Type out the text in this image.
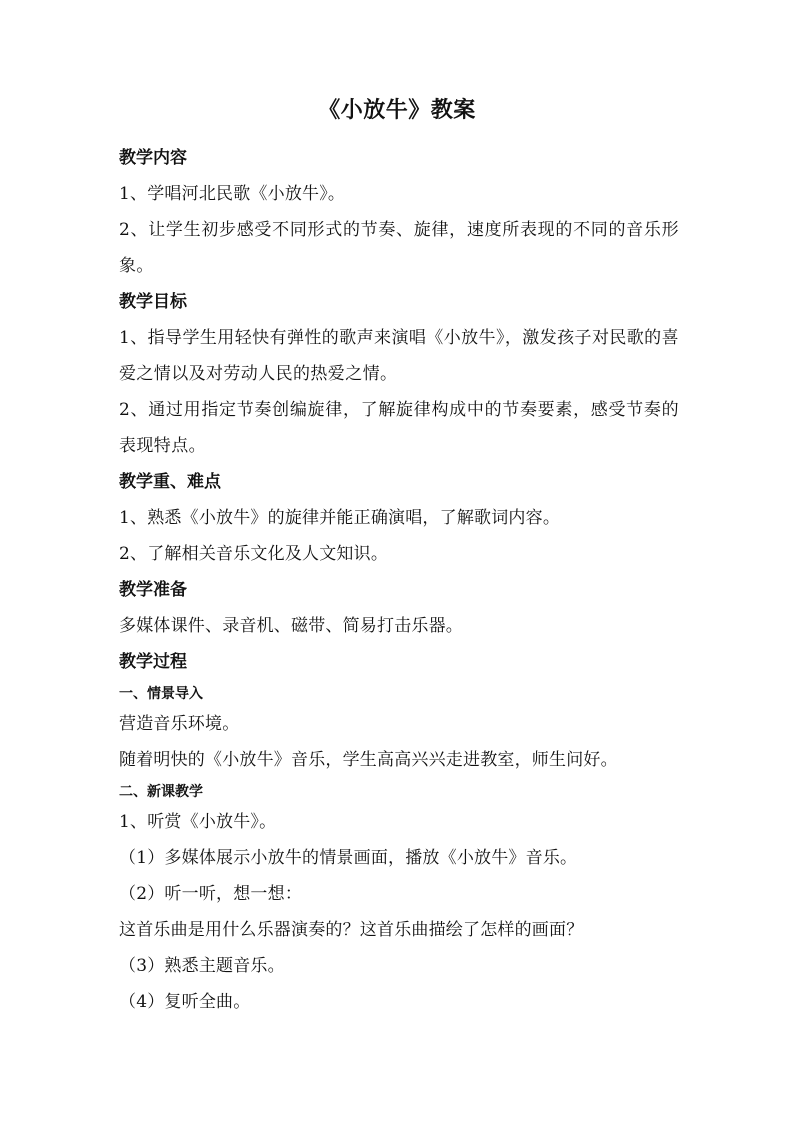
《小放牛》教案
教学内容
1、学唱河北民歌《小放牛》。
2、让学生初步感受不同形式的节奏、旋律，速度所表现的不同的音乐形象。
教学目标
1、指导学生用轻快有弹性的歌声来演唱《小放牛》，激发孩子对民歌的喜爱之情以及对劳动人民的热爱之情。
2、通过用指定节奏创编旋律，了解旋律构成中的节奏要素，感受节奏的表现特点。
教学重、难点
1、熟悉《小放牛》的旋律并能正确演唱，了解歌词内容。
2、了解相关音乐文化及人文知识。
教学准备
多媒体课件、录音机、磁带、简易打击乐器。
教学过程
一、情景导入
营造音乐环境。
随着明快的《小放牛》音乐，学生高高兴兴走进教室，师生问好。
二、新课教学
1、听赏《小放牛》。
（1）多媒体展示小放牛的情景画面，播放《小放牛》音乐。
（2）听一听，想一想：
这首乐曲是用什么乐器演奏的？这首乐曲描绘了怎样的画面？
（3）熟悉主题音乐。
（4）复听全曲。
